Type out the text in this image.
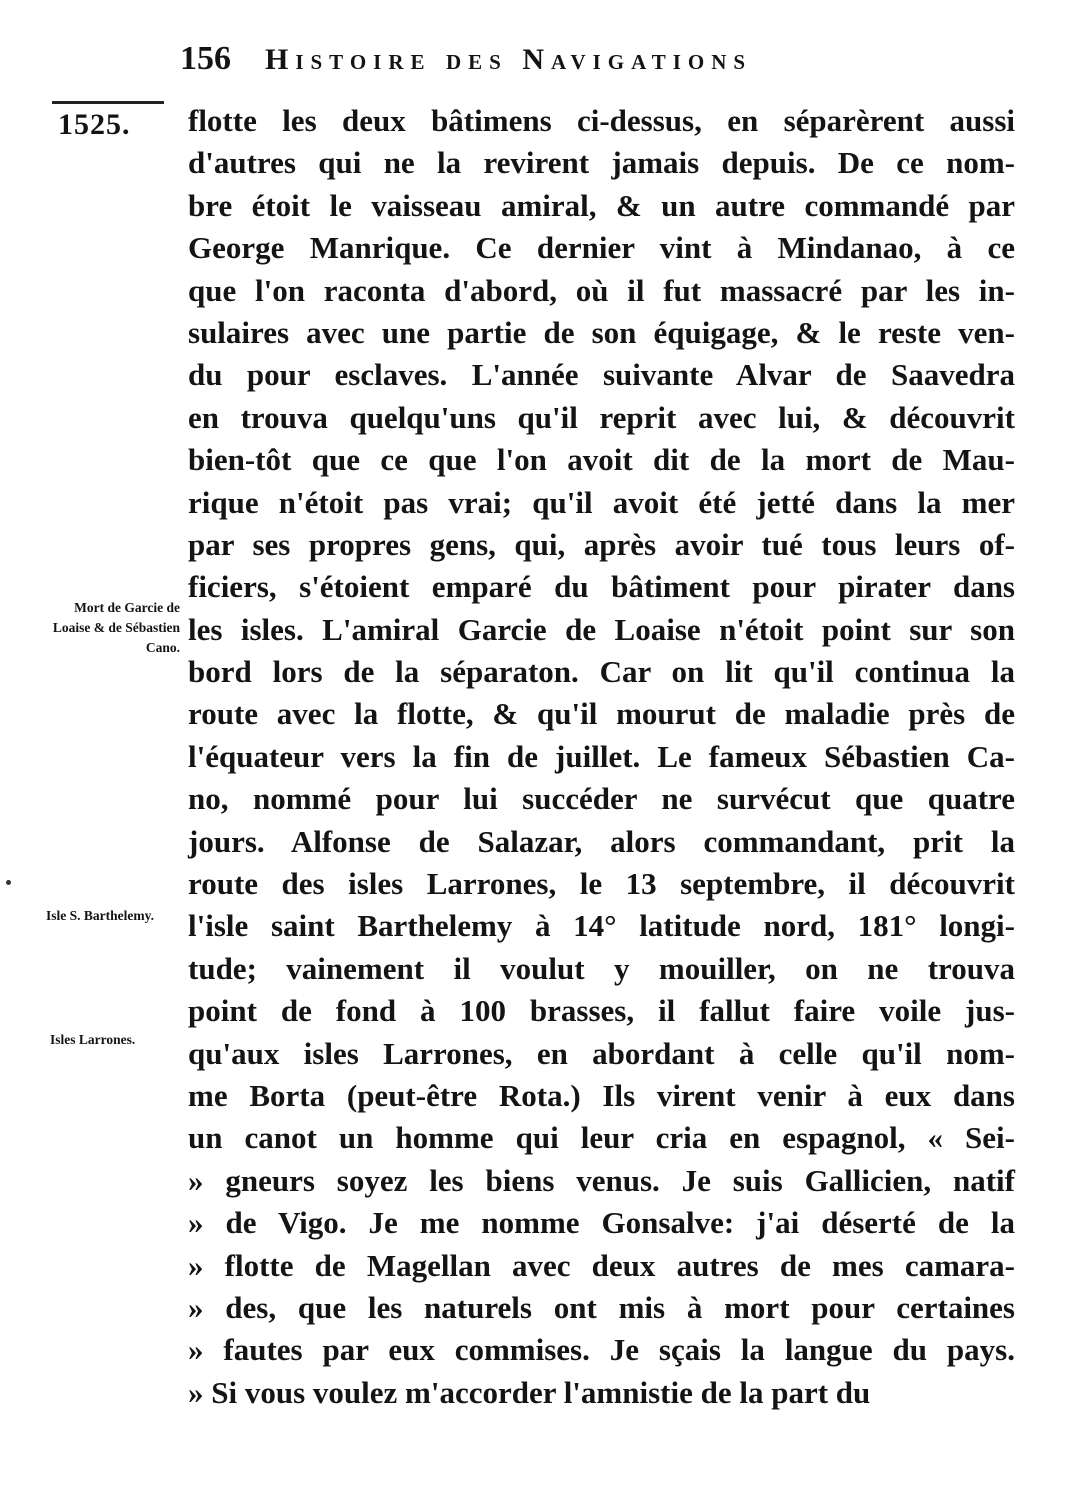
156 Histoire des Navigations
1525.
Mort de Garcie de Loaise & de Sébastien Cano.
Isle S. Barthelemy.
Isles Larrones.
flotte les deux bâtimens ci-dessus, en séparèrent aussi
d'autres qui ne la revirent jamais depuis. De ce nom-
bre étoit le vaisseau amiral, & un autre commandé par
George Manrique. Ce dernier vint à Mindanao, à ce
que l'on raconta d'abord, où il fut massacré par les in-
sulaires avec une partie de son équigage, & le reste ven-
du pour esclaves. L'année suivante Alvar de Saavedra
en trouva quelqu'uns qu'il reprit avec lui, & découvrit
bien-tôt que ce que l'on avoit dit de la mort de Mau-
rique n'étoit pas vrai; qu'il avoit été jetté dans la mer
par ses propres gens, qui, après avoir tué tous leurs of-
ficiers, s'étoient emparé du bâtiment pour pirater dans
les isles. L'amiral Garcie de Loaise n'étoit point sur son
bord lors de la séparaton. Car on lit qu'il continua la
route avec la flotte, & qu'il mourut de maladie près de
l'équateur vers la fin de juillet. Le fameux Sébastien Ca-
no, nommé pour lui succéder ne survécut que quatre
jours. Alfonse de Salazar, alors commandant, prit la
route des isles Larrones, le 13 septembre, il découvrit
l'isle saint Barthelemy à 14° latitude nord, 181° longi-
tude; vainement il voulut y mouiller, on ne trouva
point de fond à 100 brasses, il fallut faire voile jus-
qu'aux isles Larrones, en abordant à celle qu'il nom-
me Borta (peut-être Rota.) Ils virent venir à eux dans
un canot un homme qui leur cria en espagnol, « Sei-
» gneurs soyez les biens venus. Je suis Gallicien, natif
» de Vigo. Je me nomme Gonsalve: j'ai déserté de la
» flotte de Magellan avec deux autres de mes camara-
» des, que les naturels ont mis à mort pour certaines
» fautes par eux commises. Je sçais la langue du pays.
» Si vous voulez m'accorder l'amnistie de la part du
